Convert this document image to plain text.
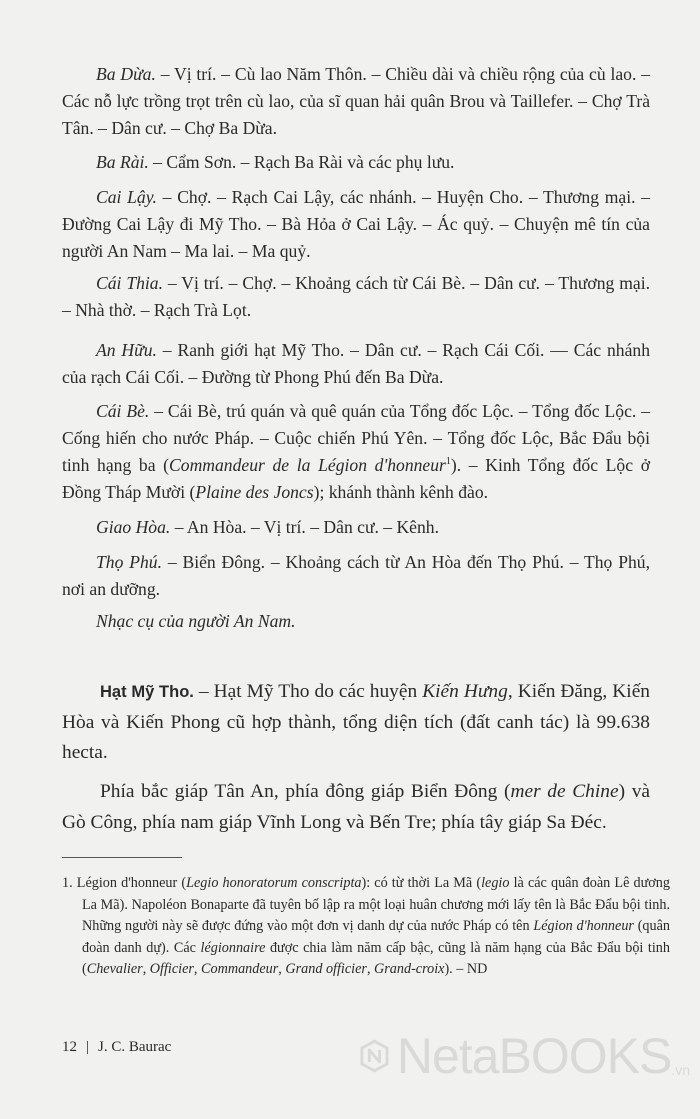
Ba Dừa. – Vị trí. – Cù lao Năm Thôn. – Chiều dài và chiều rộng của cù lao. – Các nỗ lực trồng trọt trên cù lao, của sĩ quan hải quân Brou và Taillefer. – Chợ Trà Tân. – Dân cư. – Chợ Ba Dừa.

Ba Rài. – Cẩm Sơn. – Rạch Ba Rài và các phụ lưu.

Cai Lậy. – Chợ. – Rạch Cai Lậy, các nhánh. – Huyện Cho. – Thương mại. – Đường Cai Lậy đi Mỹ Tho. – Bà Hỏa ở Cai Lậy. – Ác quỷ. – Chuyện mê tín của người An Nam – Ma lai. – Ma quỷ.

Cái Thia. – Vị trí. – Chợ. – Khoảng cách từ Cái Bè. – Dân cư. – Thương mại. – Nhà thờ. – Rạch Trà Lọt.

An Hữu. – Ranh giới hạt Mỹ Tho. – Dân cư. – Rạch Cái Cối. — Các nhánh của rạch Cái Cối. – Đường từ Phong Phú đến Ba Dừa.

Cái Bè. – Cái Bè, trú quán và quê quán của Tổng đốc Lộc. – Tổng đốc Lộc. – Cống hiến cho nước Pháp. – Cuộc chiến Phú Yên. – Tổng đốc Lộc, Bắc Đẩu bội tinh hạng ba (Commandeur de la Légion d'honneur$^1$). – Kinh Tổng đốc Lộc ở Đồng Tháp Mười (Plaine des Joncs); khánh thành kênh đào.

Giao Hòa. – An Hòa. – Vị trí. – Dân cư. – Kênh.

Thọ Phú. – Biển Đông. – Khoảng cách từ An Hòa đến Thọ Phú. – Thọ Phú, nơi an dưỡng.

Nhạc cụ của người An Nam.

Hạt Mỹ Tho. – Hạt Mỹ Tho do các huyện Kiến Hưng, Kiến Đăng, Kiến Hòa và Kiến Phong cũ hợp thành, tổng diện tích (đất canh tác) là 99.638 hecta.

Phía bắc giáp Tân An, phía đông giáp Biển Đông (mer de Chine) và Gò Công, phía nam giáp Vĩnh Long và Bến Tre; phía tây giáp Sa Đéc.

1. Légion d'honneur (Legio honoratorum conscripta): có từ thời La Mã (legio là các quân đoàn Lê dương La Mã). Napoléon Bonaparte đã tuyên bố lập ra một loại huân chương mới lấy tên là Bắc Đẩu bội tinh. Những người này sẽ được đứng vào một đơn vị danh dự của nước Pháp có tên Légion d'honneur (quân đoàn danh dự). Các légionnaire được chia làm năm cấp bậc, cũng là năm hạng của Bắc Đẩu bội tinh (Chevalier, Officier, Commandeur, Grand officier, Grand-croix). – ND

12 | J. C. Baurac	NetaBOOKS .vn
